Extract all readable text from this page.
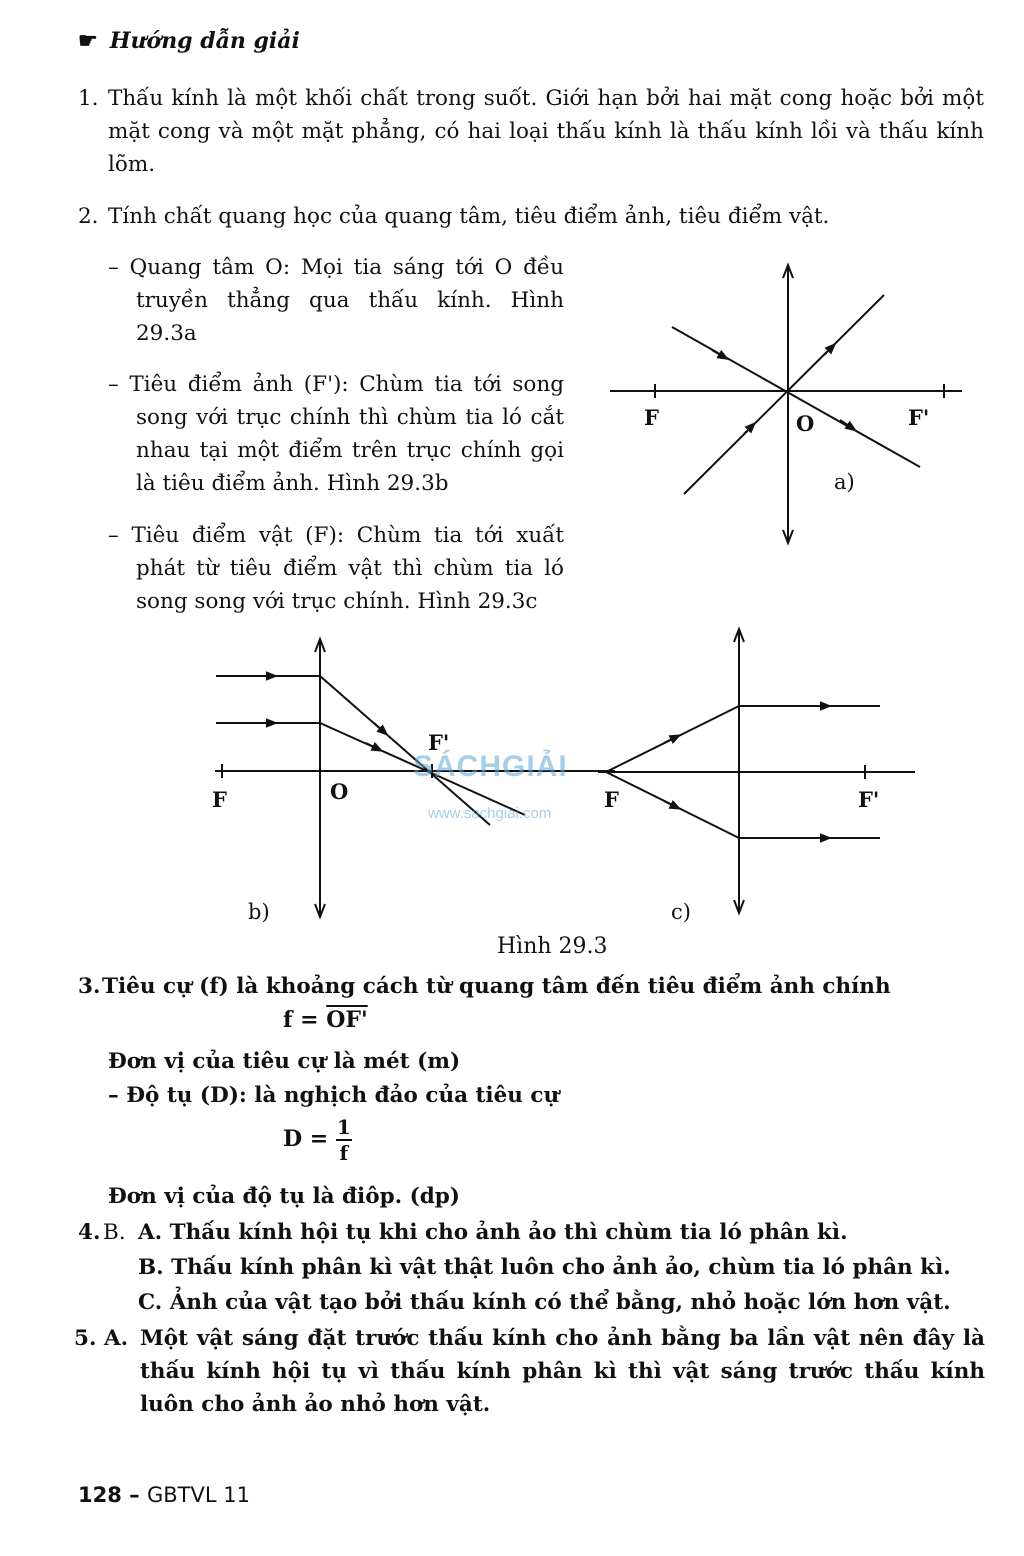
☛ Hướng dẫn giải
1. Thấu kính là một khối chất trong suốt. Giới hạn bởi hai mặt cong hoặc bởi một mặt cong và một mặt phẳng, có hai loại thấu kính là thấu kính lồi và thấu kính lõm.
2. Tính chất quang học của quang tâm, tiêu điểm ảnh, tiêu điểm vật.
– Quang tâm O: Mọi tia sáng tới O đều truyền thẳng qua thấu kính. Hình 29.3a
– Tiêu điểm ảnh (F'): Chùm tia tới song song với trục chính thì chùm tia ló cắt nhau tại một điểm trên trục chính gọi là tiêu điểm ảnh. Hình 29.3b
– Tiêu điểm vật (F): Chùm tia tới xuất phát từ tiêu điểm vật thì chùm tia ló song song với trục chính. Hình 29.3c
F	O	F'
a)
F	O
F'
b)
F	F'
c)
SÁCHGIẢI
www.sachgiai.com
Hình 29.3
3. Tiêu cự (f) là khoảng cách từ quang tâm đến tiêu điểm ảnh chính
f = OF'
Đơn vị của tiêu cự là mét (m)
– Độ tụ (D): là nghịch đảo của tiêu cự
$D = \frac{1}{f}$
Đơn vị của độ tụ là điôp. (dp)
4. B. A. Thấu kính hội tụ khi cho ảnh ảo thì chùm tia ló phân kì.
B. Thấu kính phân kì vật thật luôn cho ảnh ảo, chùm tia ló phân kì.
C. Ảnh của vật tạo bởi thấu kính có thể bằng, nhỏ hoặc lớn hơn vật.
5. A. Một vật sáng đặt trước thấu kính cho ảnh bằng ba lần vật nên đây là thấu kính hội tụ vì thấu kính phân kì thì vật sáng trước thấu kính luôn cho ảnh ảo nhỏ hơn vật.
128 – GBTVL 11
